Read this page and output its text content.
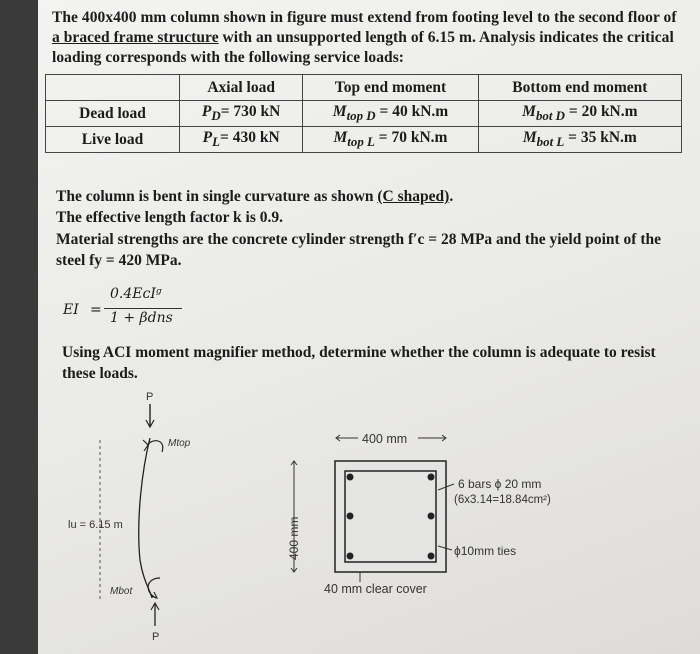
The 400x400 mm column shown in figure must extend from footing level to the second floor of a braced frame structure with an unsupported length of 6.15 m. Analysis indicates the critical loading corresponds with the following service loads:
	Axial load	Top end moment	Bottom end moment
Dead load	$P_D= 730$ kN	$M_{top D} = 40$ kN.m	$M_{bot D} = 20$ kN.m
Live load	$P_L= 430$ kN	$M_{top L} = 70$ kN.m	$M_{bot L} = 35$ kN.m

The column is bent in single curvature as shown (C shaped).

The effective length factor k is 0.9.

Material strengths are the concrete cylinder strength f′c = 28 MPa and the yield point of the

steel fy = 420 MPa.

EI =
0.4EᴄIᵍ
1 + βdns
Using ACI moment magnifier method, determine whether the column is adequate to resist these loads.
P
Mtop
lu = 6.15 m
Mbot
P
400 mm
400 mm
6 bars ϕ 20 mm
(6x3.14=18.84cm²)
ϕ10mm ties
40 mm clear cover
